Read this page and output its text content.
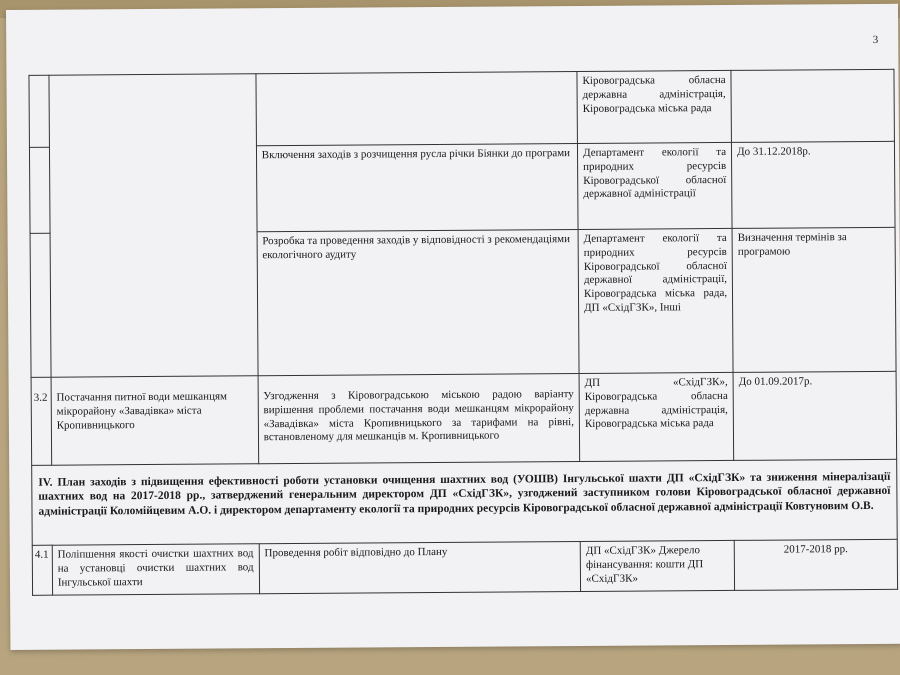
3
			Кіровоградська обласна державна адміністрація, Кіровоградська міська рада	
		Включення заходів з розчищення русла річки Біянки до програми	Департамент екології та природних ресурсів Кіровоградської обласної державної адміністрації	До 31.12.2018р.
		Розробка та проведення заходів у відповідності з рекомендаціями екологічного аудиту	Департамент екології та природних ресурсів Кіровоградської обласної державної адміністрації, Кіровоградська міська рада, ДП «СхідГЗК», Інші	Визначення термінів за програмою
3.2	Постачання питної води мешканцям мікрорайону «Завадівка» міста Кропивницького	Узгодження з Кіровоградською міською радою варіанту вирішення проблеми постачання води мешканцям мікрорайону «Завадівка» міста Кропивницького за тарифами на рівні, встановленому для мешканців м. Кропивницького	ДП «СхідГЗК», Кіровоградська обласна державна адміністрація, Кіровоградська міська рада	До 01.09.2017р.
IV. План заходів з підвищення ефективності роботи установки очищення шахтних вод (УОШВ) Інгульської шахти ДП «СхідГЗК» та зниження мінералізації шахтних вод на 2017-2018 рр., затверджений генеральним директором ДП «СхідГЗК», узгоджений заступником голови Кіровоградської обласної державної адміністрації Коломійцевим А.О. і директором департаменту екології та природних ресурсів Кіровоградської обласної державної адміністрації Ковтуновим О.В.				
4.1	Поліпшення якості очистки шахтних вод на установці очистки шахтних вод Інгульської шахти	Проведення робіт відповідно до Плану	ДП «СхідГЗК» Джерело фінансування: кошти ДП «СхідГЗК»	2017-2018 рр.
